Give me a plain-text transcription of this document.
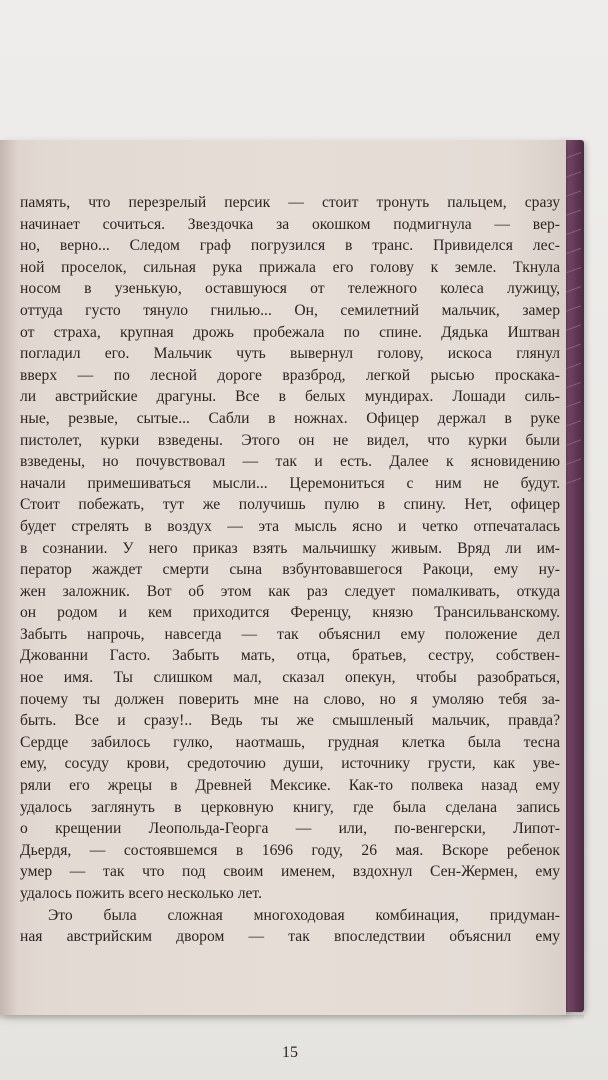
память, что перезрелый персик — стоит тронуть пальцем, сразу
начинает сочиться. Звездочка за окошком подмигнула — вер-
но, верно... Следом граф погрузился в транс. Привиделся лес-
ной проселок, сильная рука прижала его голову к земле. Ткнула
носом в узенькую, оставшуюся от тележного колеса лужицу,
оттуда густо тянуло гнилью... Он, семилетний мальчик, замер
от страха, крупная дрожь пробежала по спине. Дядька Иштван
погладил его. Мальчик чуть вывернул голову, искоса глянул
вверх — по лесной дороге вразброд, легкой рысью проскака-
ли австрийские драгуны. Все в белых мундирах. Лошади силь-
ные, резвые, сытые... Сабли в ножнах. Офицер держал в руке
пистолет, курки взведены. Этого он не видел, что курки были
взведены, но почувствовал — так и есть. Далее к ясновидению
начали примешиваться мысли... Церемониться с ним не будут.
Стоит побежать, тут же получишь пулю в спину. Нет, офицер
будет стрелять в воздух — эта мысль ясно и четко отпечаталась
в сознании. У него приказ взять мальчишку живым. Вряд ли им-
ператор жаждет смерти сына взбунтовавшегося Ракоци, ему ну-
жен заложник. Вот об этом как раз следует помалкивать, откуда
он родом и кем приходится Ференцу, князю Трансильванскому.
Забыть напрочь, навсегда — так объяснил ему положение дел
Джованни Гасто. Забыть мать, отца, братьев, сестру, собствен-
ное имя. Ты слишком мал, сказал опекун, чтобы разобраться,
почему ты должен поверить мне на слово, но я умоляю тебя за-
быть. Все и сразу!.. Ведь ты же смышленый мальчик, правда?
Сердце забилось гулко, наотмашь, грудная клетка была тесна
ему, сосуду крови, средоточию души, источнику грусти, как уве-
ряли его жрецы в Древней Мексике. Как-то полвека назад ему
удалось заглянуть в церковную книгу, где была сделана запись
о крещении Леопольда-Георга — или, по-венгерски, Липот-
Дьердя, — состоявшемся в 1696 году, 26 мая. Вскоре ребенок
умер — так что под своим именем, вздохнул Сен-Жермен, ему
удалось пожить всего несколько лет.
Это была сложная многоходовая комбинация, придуман-
ная австрийским двором — так впоследствии объяснил ему
15
